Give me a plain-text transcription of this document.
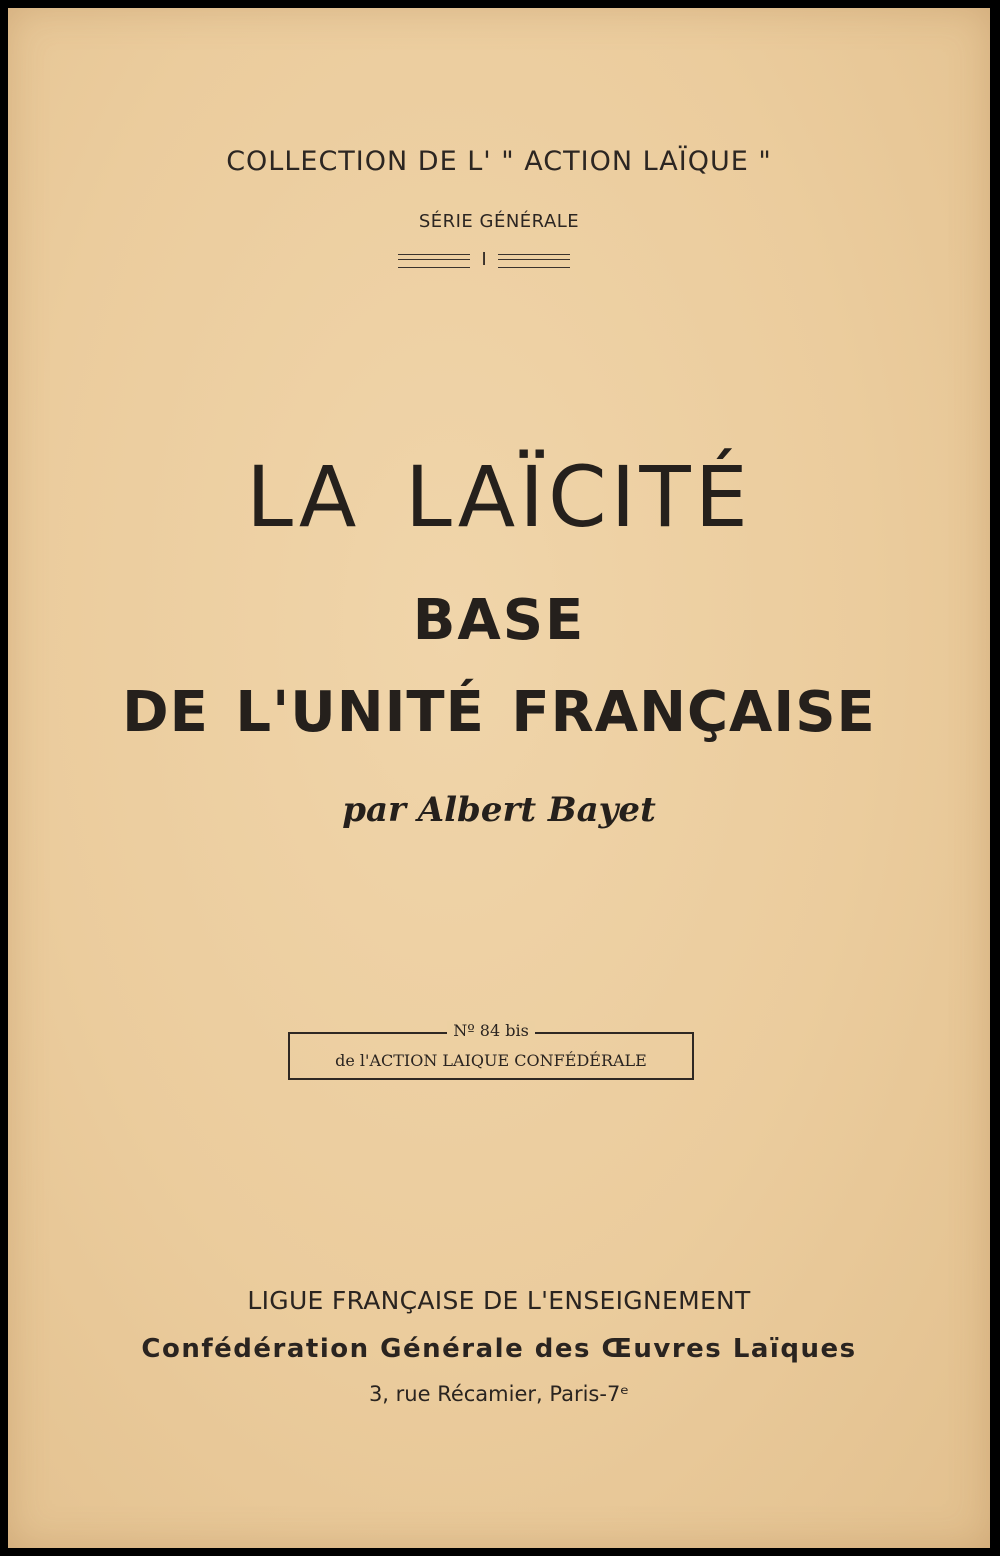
COLLECTION DE L' " ACTION LAÏQUE "
SÉRIE GÉNÉRALE
I
LA LAÏCITÉ
BASE
DE L'UNITÉ FRANÇAISE
par Albert Bayet
Nº 84 bis
de l'ACTION LAIQUE CONFÉDÉRALE
LIGUE FRANÇAISE DE L'ENSEIGNEMENT
Confédération Générale des Œuvres Laïques
3, rue Récamier, Paris-7ᵉ
